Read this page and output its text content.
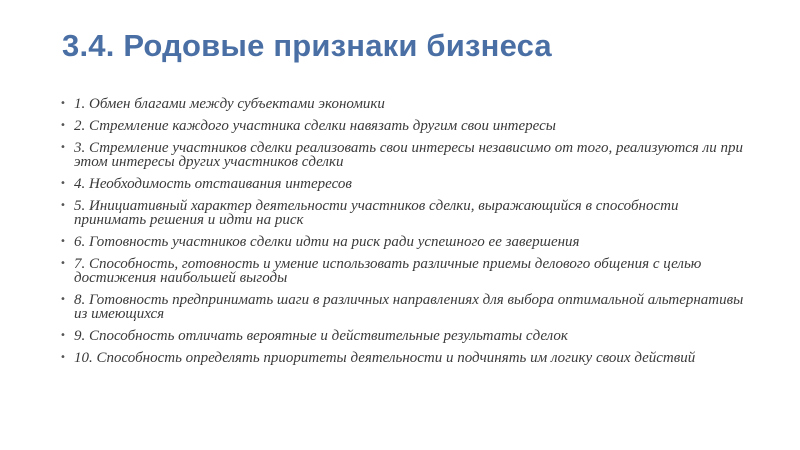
3.4. Родовые признаки бизнеса
• 1. Обмен благами между субъектами экономики
• 2. Стремление каждого участника сделки навязать другим свои интересы
• 3. Стремление участников сделки реализовать свои интересы независимо от того, реализуются ли при этом интересы других участников сделки
• 4. Необходимость отстаивания интересов
• 5. Инициативный характер деятельности участников сделки, выражающийся в способности принимать решения и идти на риск
• 6. Готовность участников сделки идти на риск ради успешного ее завершения
• 7. Способность, готовность и умение использовать различные приемы делового общения с целью достижения наибольшей выгоды
• 8. Готовность предпринимать шаги в различных направлениях для выбора оптимальной альтернативы из имеющихся
• 9. Способность отличать вероятные и действительные результаты сделок
• 10. Способность определять приоритеты деятельности и подчинять им логику своих действий
